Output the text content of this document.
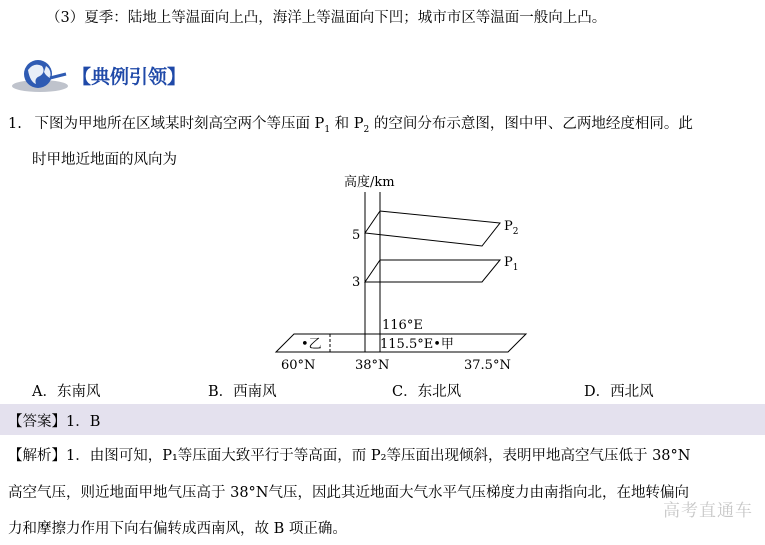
（3）夏季：陆地上等温面向上凸，海洋上等温面向下凹；城市市区等温面一般向上凸。
【典例引领】
1. 下图为甲地所在区域某时刻高空两个等压面 $P_1$ 和 $P_2$ 的空间分布示意图，图中甲、乙两地经度相同。此
时甲地近地面的风向为
高度/km
5
3
$P_2$
$P_1$
116°E
115.5°E•甲
•乙
60°N	38°N	37.5°N
A．东南风	B．西南风	C．东北风	D．西北风
【答案】1．B
【解析】1．由图可知，P₁等压面大致平行于等高面，而 P₂等压面出现倾斜，表明甲地高空气压低于 38°N
高空气压，则近地面甲地气压高于 38°N气压，因此其近地面大气水平气压梯度力由南指向北，在地转偏向
力和摩擦力作用下向右偏转成西南风，故 B 项正确。
高考直通车
